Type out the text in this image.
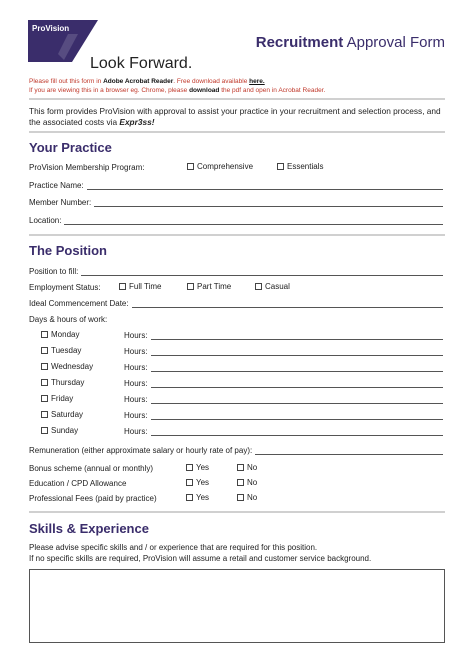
ProVision
Look Forward.
Recruitment Approval Form
Please fill out this form in Adobe Acrobat Reader. Free download available here.
If you are viewing this in a browser eg. Chrome, please download the pdf and open in Acrobat Reader.
This form provides ProVision with approval to assist your practice in your recruitment and selection process, and the associated costs via Expr3ss!
Your Practice
ProVision Membership Program:	Comprehensive	Essentials
Practice Name:
Member Number:
Location:
The Position
Position to fill:
Employment Status:	Full Time	Part Time	Casual
Ideal Commencement Date:
Days & hours of work:
Monday	Hours:
Tuesday	Hours:
Wednesday	Hours:
Thursday	Hours:
Friday	Hours:
Saturday	Hours:
Sunday	Hours:
Remuneration (either approximate salary or hourly rate of pay):
Bonus scheme (annual or monthly)	Yes	No
Education / CPD Allowance	Yes	No
Professional Fees (paid by practice)	Yes	No
Skills & Experience
Please advise specific skills and / or experience that are required for this position.
If no specific skills are required, ProVision will assume a retail and customer service background.
